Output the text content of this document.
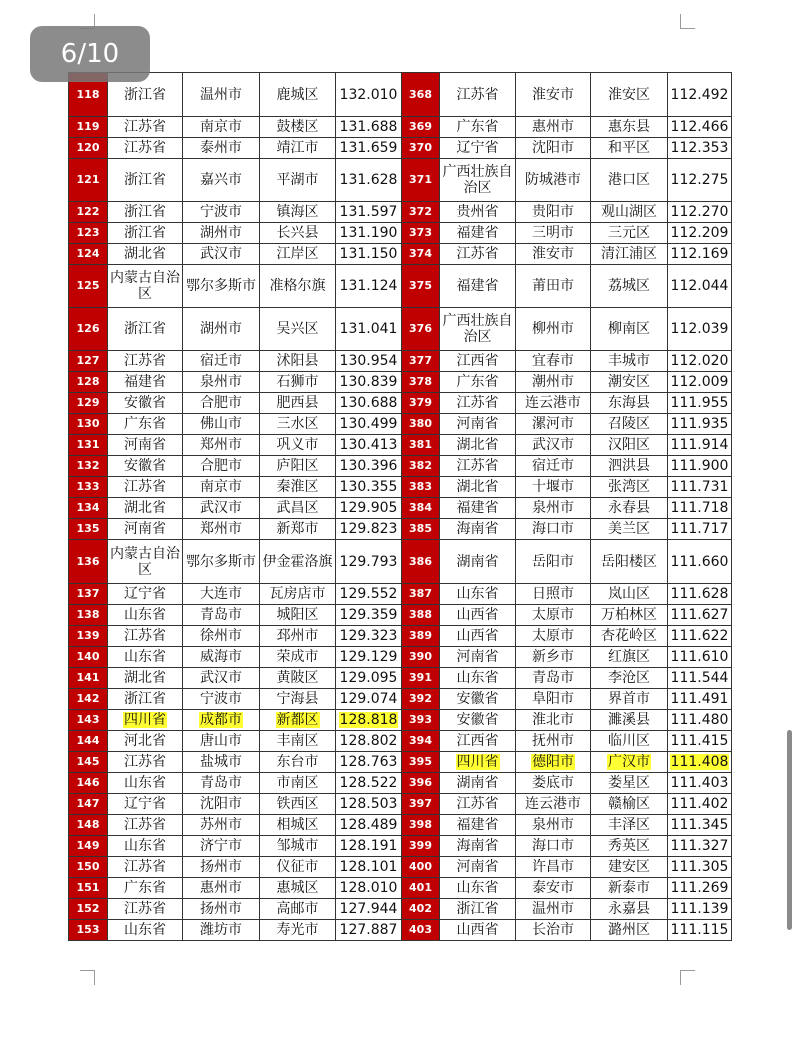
6/10
118	浙江省	温州市	鹿城区	132.010	368	江苏省	淮安市	淮安区	112.492
119	江苏省	南京市	鼓楼区	131.688	369	广东省	惠州市	惠东县	112.466
120	江苏省	泰州市	靖江市	131.659	370	辽宁省	沈阳市	和平区	112.353
121	浙江省	嘉兴市	平湖市	131.628	371	广西壮族自治区	防城港市	港口区	112.275
122	浙江省	宁波市	镇海区	131.597	372	贵州省	贵阳市	观山湖区	112.270
123	浙江省	湖州市	长兴县	131.190	373	福建省	三明市	三元区	112.209
124	湖北省	武汉市	江岸区	131.150	374	江苏省	淮安市	清江浦区	112.169
125	内蒙古自治区	鄂尔多斯市	准格尔旗	131.124	375	福建省	莆田市	荔城区	112.044
126	浙江省	湖州市	吴兴区	131.041	376	广西壮族自治区	柳州市	柳南区	112.039
127	江苏省	宿迁市	沭阳县	130.954	377	江西省	宜春市	丰城市	112.020
128	福建省	泉州市	石狮市	130.839	378	广东省	潮州市	潮安区	112.009
129	安徽省	合肥市	肥西县	130.688	379	江苏省	连云港市	东海县	111.955
130	广东省	佛山市	三水区	130.499	380	河南省	漯河市	召陵区	111.935
131	河南省	郑州市	巩义市	130.413	381	湖北省	武汉市	汉阳区	111.914
132	安徽省	合肥市	庐阳区	130.396	382	江苏省	宿迁市	泗洪县	111.900
133	江苏省	南京市	秦淮区	130.355	383	湖北省	十堰市	张湾区	111.731
134	湖北省	武汉市	武昌区	129.905	384	福建省	泉州市	永春县	111.718
135	河南省	郑州市	新郑市	129.823	385	海南省	海口市	美兰区	111.717
136	内蒙古自治区	鄂尔多斯市	伊金霍洛旗	129.793	386	湖南省	岳阳市	岳阳楼区	111.660
137	辽宁省	大连市	瓦房店市	129.552	387	山东省	日照市	岚山区	111.628
138	山东省	青岛市	城阳区	129.359	388	山西省	太原市	万柏林区	111.627
139	江苏省	徐州市	邳州市	129.323	389	山西省	太原市	杏花岭区	111.622
140	山东省	威海市	荣成市	129.129	390	河南省	新乡市	红旗区	111.610
141	湖北省	武汉市	黄陂区	129.095	391	山东省	青岛市	李沧区	111.544
142	浙江省	宁波市	宁海县	129.074	392	安徽省	阜阳市	界首市	111.491
143	四川省	成都市	新都区	128.818	393	安徽省	淮北市	濉溪县	111.480
144	河北省	唐山市	丰南区	128.802	394	江西省	抚州市	临川区	111.415
145	江苏省	盐城市	东台市	128.763	395	四川省	德阳市	广汉市	111.408
146	山东省	青岛市	市南区	128.522	396	湖南省	娄底市	娄星区	111.403
147	辽宁省	沈阳市	铁西区	128.503	397	江苏省	连云港市	赣榆区	111.402
148	江苏省	苏州市	相城区	128.489	398	福建省	泉州市	丰泽区	111.345
149	山东省	济宁市	邹城市	128.191	399	海南省	海口市	秀英区	111.327
150	江苏省	扬州市	仪征市	128.101	400	河南省	许昌市	建安区	111.305
151	广东省	惠州市	惠城区	128.010	401	山东省	泰安市	新泰市	111.269
152	江苏省	扬州市	高邮市	127.944	402	浙江省	温州市	永嘉县	111.139
153	山东省	潍坊市	寿光市	127.887	403	山西省	长治市	潞州区	111.115
